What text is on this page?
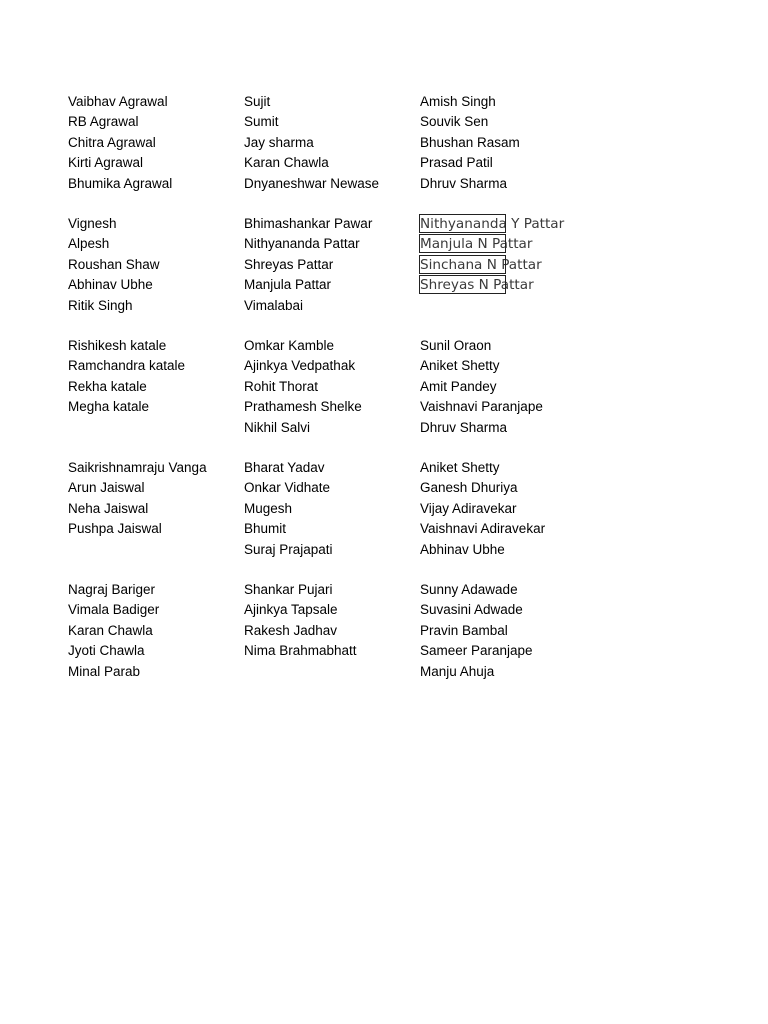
Vaibhav Agrawal
RB Agrawal
Chitra Agrawal
Kirti Agrawal
Bhumika Agrawal
Sujit
Sumit
Jay sharma
Karan Chawla
Dnyaneshwar Newase
Amish Singh
Souvik Sen
Bhushan Rasam
Prasad Patil
Dhruv Sharma
Vignesh
Alpesh
Roushan Shaw
Abhinav Ubhe
Ritik Singh
Bhimashankar Pawar
Nithyananda Pattar
Shreyas Pattar
Manjula Pattar
Vimalabai
Nithyananda Y Pattar
Manjula N Pattar
Sinchana N Pattar
Shreyas N Pattar
Rishikesh katale
Ramchandra katale
Rekha katale
Megha katale
Omkar Kamble
Ajinkya Vedpathak
Rohit Thorat
Prathamesh Shelke
Nikhil Salvi
Sunil Oraon
Aniket Shetty
Amit Pandey
Vaishnavi Paranjape
Dhruv Sharma
Saikrishnamraju Vanga
Arun Jaiswal
Neha Jaiswal
Pushpa Jaiswal
Bharat Yadav
Onkar Vidhate
Mugesh
Bhumit
Suraj Prajapati
Aniket Shetty
Ganesh Dhuriya
Vijay Adiravekar
Vaishnavi Adiravekar
Abhinav Ubhe
Nagraj Bariger
Vimala Badiger
Karan Chawla
Jyoti Chawla
Minal Parab
Shankar Pujari
Ajinkya Tapsale
Rakesh Jadhav
Nima Brahmabhatt
Sunny Adawade
Suvasini Adwade
Pravin Bambal
Sameer Paranjape
Manju Ahuja
